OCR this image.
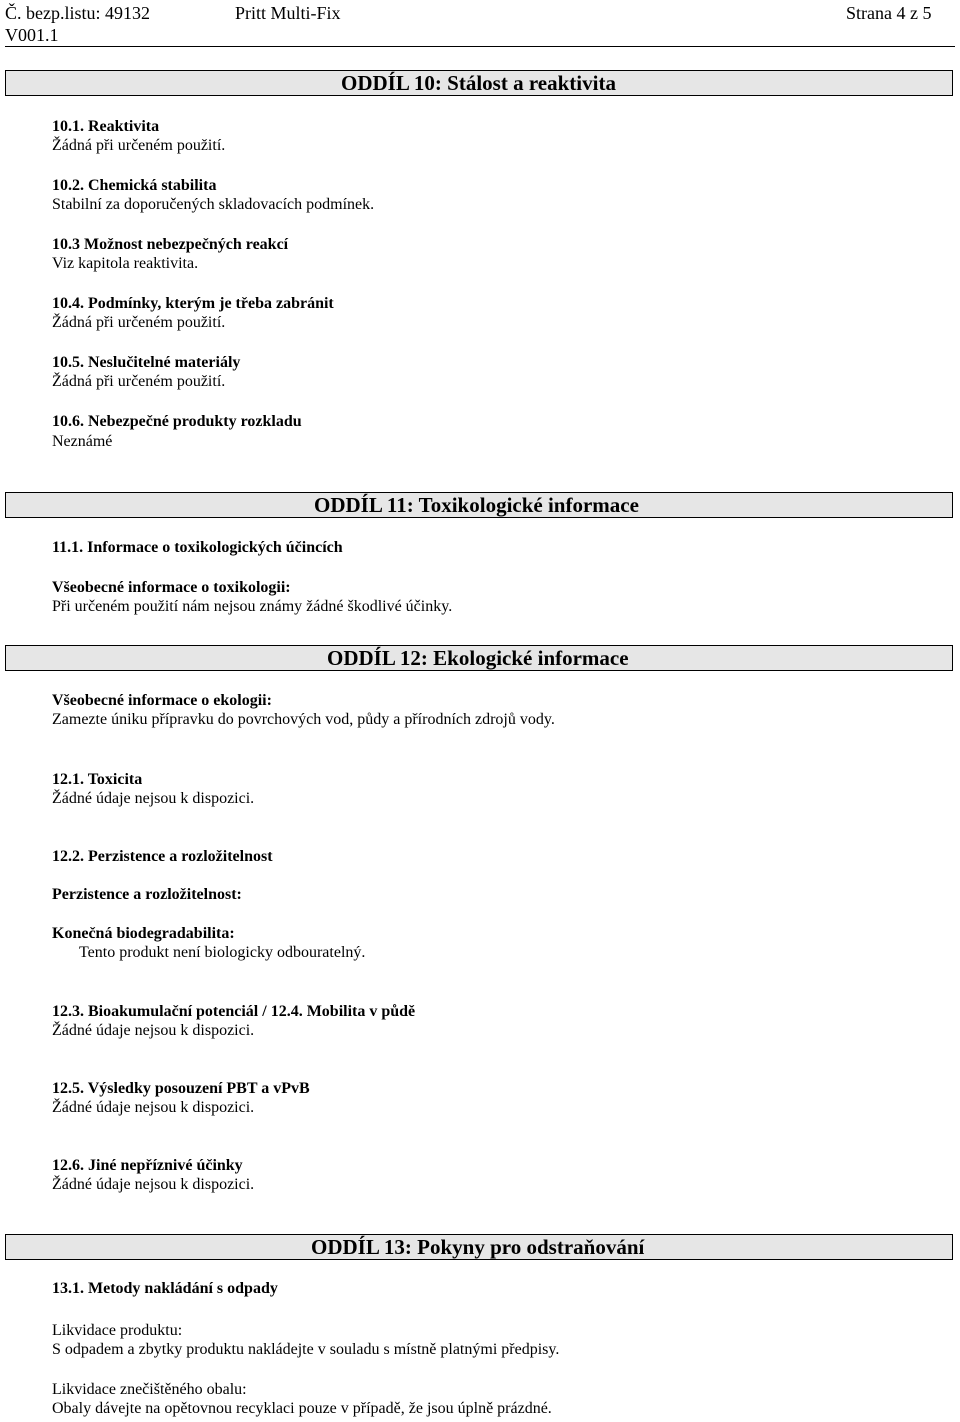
Č. bezp.listu: 49132	Pritt Multi-Fix	Strana 4 z 5
V001.1
ODDÍL 10: Stálost a reaktivita
10.1. Reaktivita
Žádná při určeném použití.
10.2. Chemická stabilita
Stabilní za doporučených skladovacích podmínek.
10.3 Možnost nebezpečných reakcí
Viz kapitola reaktivita.
10.4. Podmínky, kterým je třeba zabránit
Žádná při určeném použití.
10.5. Neslučitelné materiály
Žádná při určeném použití.
10.6. Nebezpečné produkty rozkladu
Neznámé
ODDÍL 11: Toxikologické informace
11.1. Informace o toxikologických účincích
Všeobecné informace o toxikologii:
Při určeném použití nám nejsou známy žádné škodlivé účinky.
ODDÍL 12: Ekologické informace
Všeobecné informace o ekologii:
Zamezte úniku přípravku do povrchových vod, půdy a přírodních zdrojů vody.
12.1. Toxicita
Žádné údaje nejsou k dispozici.
12.2. Perzistence a rozložitelnost
Perzistence a rozložitelnost:
Konečná biodegradabilita:
Tento produkt není biologicky odbouratelný.
12.3. Bioakumulační potenciál / 12.4. Mobilita v půdě
Žádné údaje nejsou k dispozici.
12.5. Výsledky posouzení PBT a vPvB
Žádné údaje nejsou k dispozici.
12.6. Jiné nepříznivé účinky
Žádné údaje nejsou k dispozici.
ODDÍL 13: Pokyny pro odstraňování
13.1. Metody nakládání s odpady
Likvidace produktu:
S odpadem a zbytky produktu nakládejte v souladu s místně platnými předpisy.
Likvidace znečištěného obalu:
Obaly dávejte na opětovnou recyklaci pouze v případě, že jsou úplně prázdné.
